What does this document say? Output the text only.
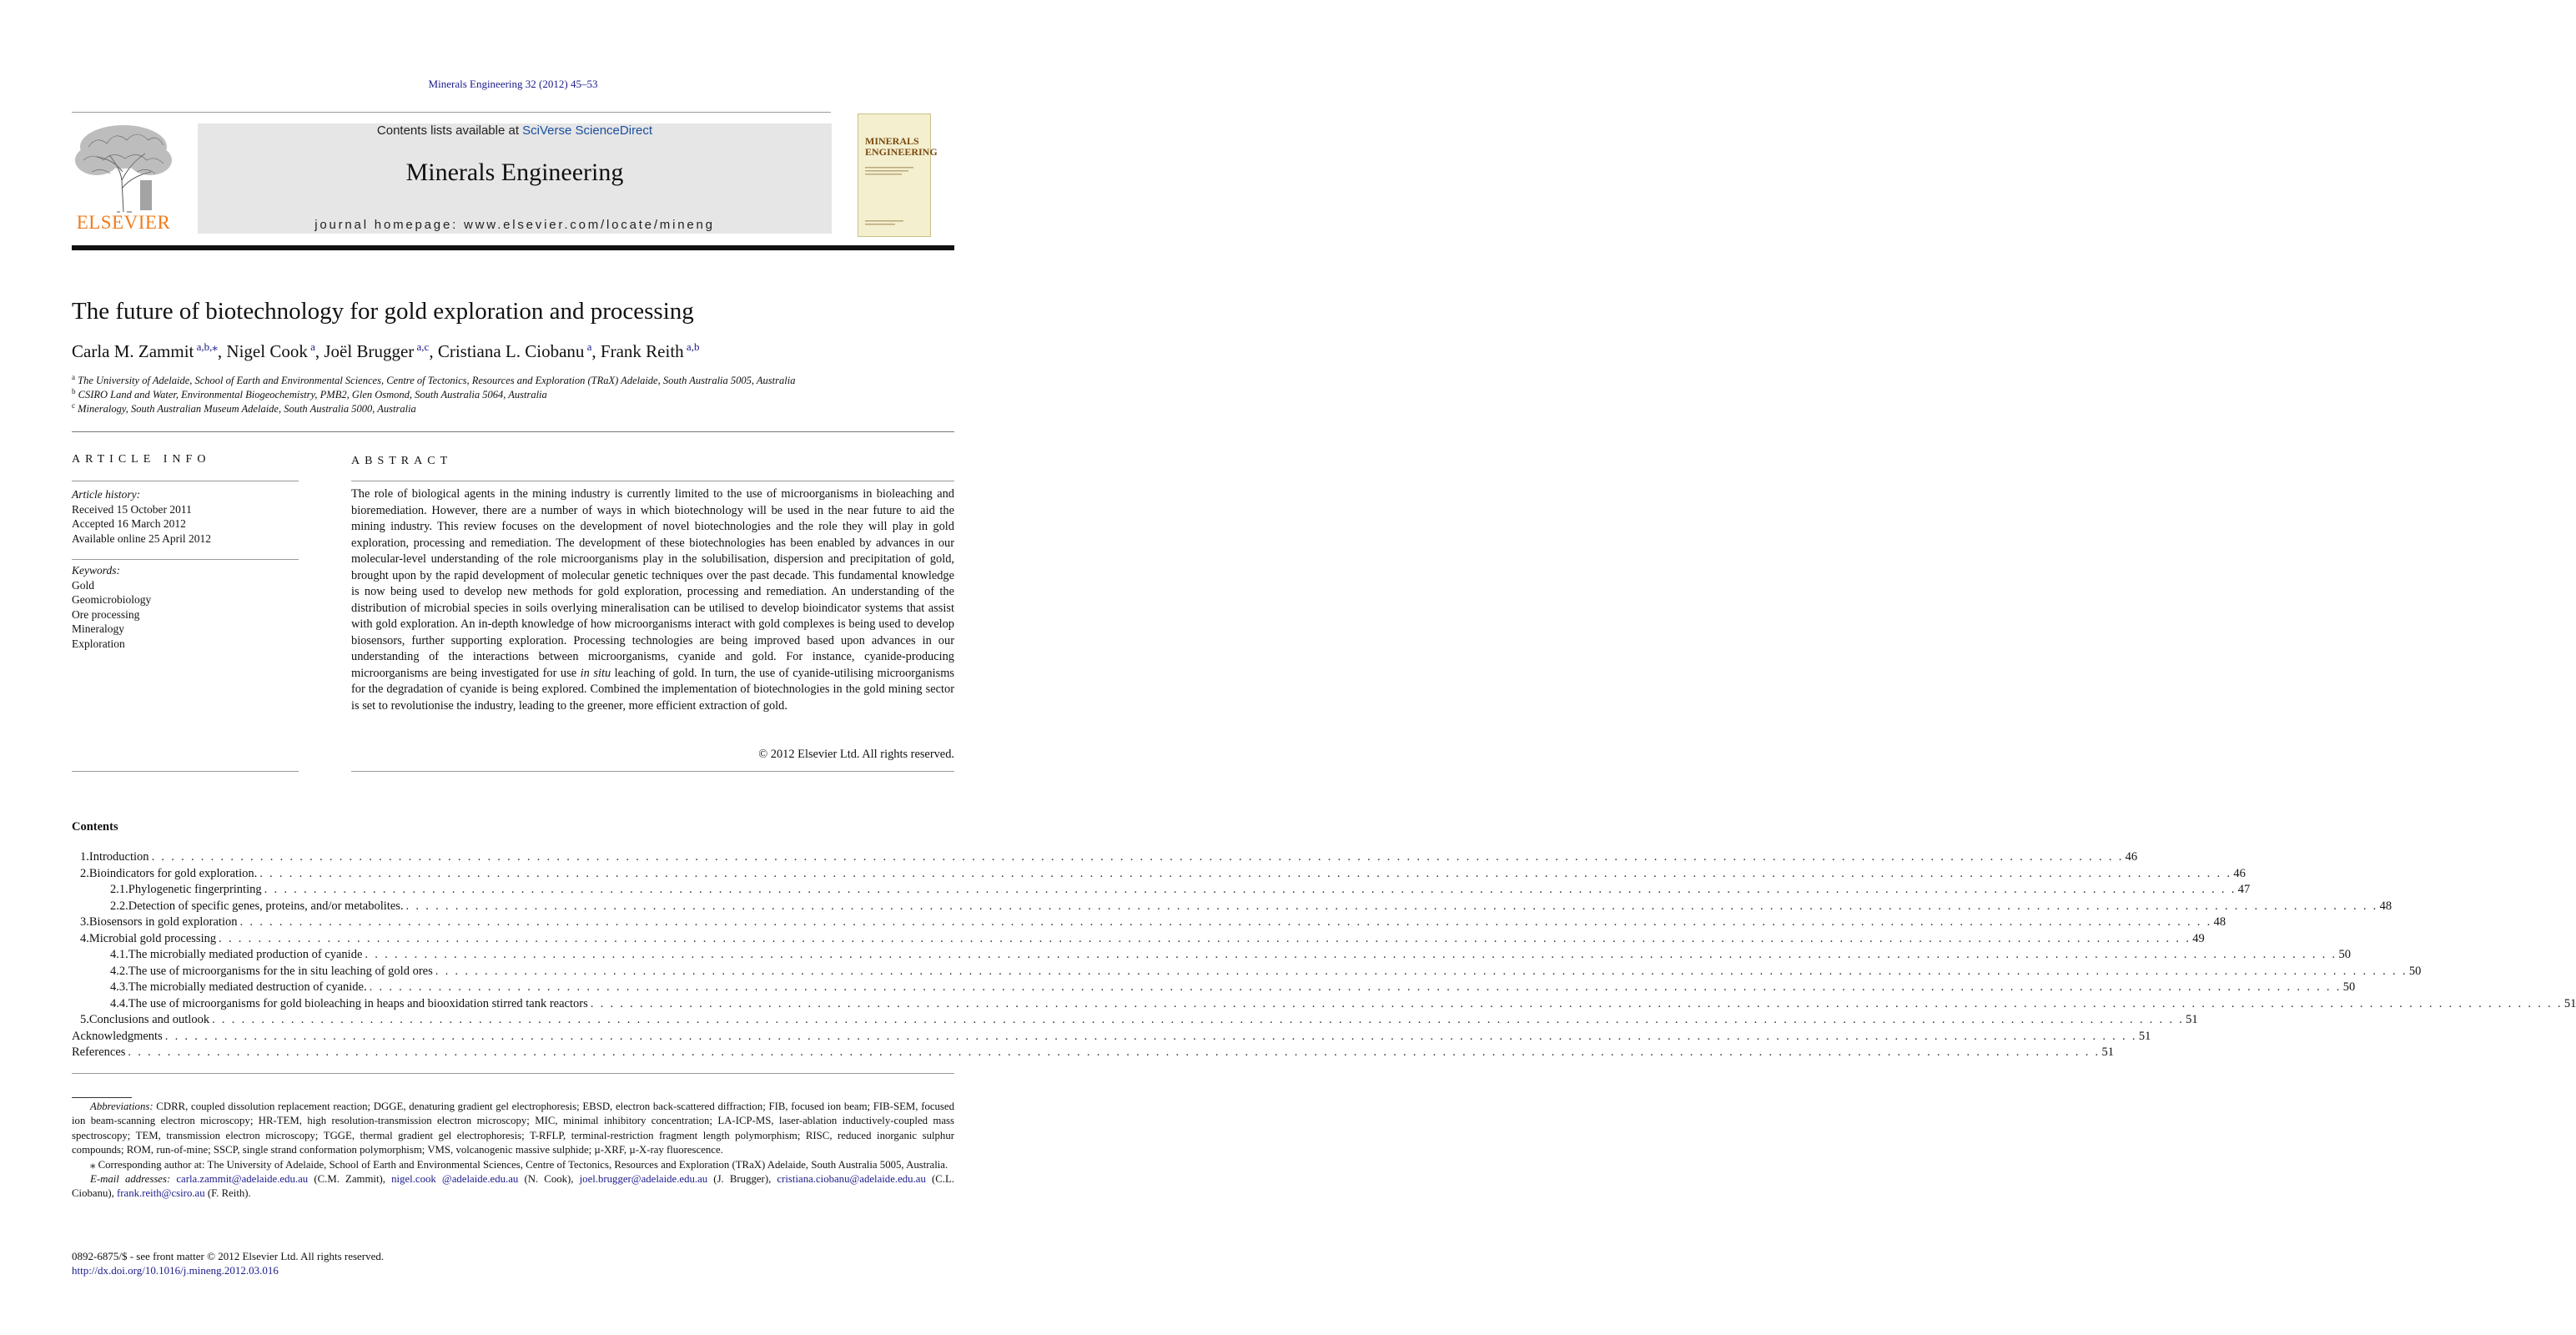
Minerals Engineering 32 (2012) 45–53
ELSEVIER
Contents lists available at SciVerse ScienceDirect
Minerals Engineering
journal homepage: www.elsevier.com/locate/mineng
MINERALS
ENGINEERING
The future of biotechnology for gold exploration and processing
Carla M. Zammit $^{a,b,⁎}$, Nigel Cook $^a$, Joël Brugger $^{a,c}$, Cristiana L. Ciobanu $^a$, Frank Reith $^{a,b}$
$^a$ The University of Adelaide, School of Earth and Environmental Sciences, Centre of Tectonics, Resources and Exploration (TRaX) Adelaide, South Australia 5005, Australia
$^b$ CSIRO Land and Water, Environmental Biogeochemistry, PMB2, Glen Osmond, South Australia 5064, Australia
$^c$ Mineralogy, South Australian Museum Adelaide, South Australia 5000, Australia
ARTICLE INFO
Article history:
Received 15 October 2011
Accepted 16 March 2012
Available online 25 April 2012
Keywords:
Gold
Geomicrobiology
Ore processing
Mineralogy
Exploration
ABSTRACT
The role of biological agents in the mining industry is currently limited to the use of microorganisms in bioleaching and bioremediation. However, there are a number of ways in which biotechnology will be used in the near future to aid the mining industry. This review focuses on the development of novel biotechnologies and the role they will play in gold exploration, processing and remediation. The development of these biotechnologies has been enabled by advances in our molecular-level understanding of the role microorganisms play in the solubilisation, dispersion and precipitation of gold, brought upon by the rapid development of molecular genetic techniques over the past decade. This fundamental knowledge is now being used to develop new methods for gold exploration, processing and remediation. An understanding of the distribution of microbial species in soils overlying mineralisation can be utilised to develop bioindicator systems that assist with gold exploration. An in-depth knowledge of how microorganisms interact with gold complexes is being used to develop biosensors, further supporting exploration. Processing technologies are being improved based upon advances in our understanding of the interactions between microorganisms, cyanide and gold. For instance, cyanide-producing microorganisms are being investigated for use in situ leaching of gold. In turn, the use of cyanide-utilising microorganisms for the degradation of cyanide is being explored. Combined the implementation of biotechnologies in the gold mining sector is set to revolutionise the industry, leading to the greener, more efficient extraction of gold.
© 2012 Elsevier Ltd. All rights reserved.
Contents
1. Introduction . . . . . . . . . . . . . . . . . . . . . . . . . . . . . . . . . . . . . . . . . . . . . . . . . . . . . . . . . . . . . . . . . . . . . . . . . . . . . . . . . . . . . . . . . . . . . . . . . . . . . . . . . . . . . . . . . . . . . . . . . . . . . . . . . . . . . . . . . . . . . . . . . . . . . . . . . . . . . . . . . . . . . . . . . . . . . . . . . . . . . . . . . . . . . . . . . . . . . . . . 46
2. Bioindicators for gold exploration. . . . . . . . . . . . . . . . . . . . . . . . . . . . . . . . . . . . . . . . . . . . . . . . . . . . . . . . . . . . . . . . . . . . . . . . . . . . . . . . . . . . . . . . . . . . . . . . . . . . . . . . . . . . . . . . . . . . . . . . . . . . . . . . . . . . . . . . . . . . . . . . . . . . . . . . . . . . . . . . . . . . . . . . . . . . . . . . . . . . . . . . . . . . . . . . . . . . . . . . . 46
2.1. Phylogenetic fingerprinting . . . . . . . . . . . . . . . . . . . . . . . . . . . . . . . . . . . . . . . . . . . . . . . . . . . . . . . . . . . . . . . . . . . . . . . . . . . . . . . . . . . . . . . . . . . . . . . . . . . . . . . . . . . . . . . . . . . . . . . . . . . . . . . . . . . . . . . . . . . . . . . . . . . . . . . . . . . . . . . . . . . . . . . . . . . . . . . . . . . . . . . . . . . . . . . . . . . . . . . . 47
2.2. Detection of specific genes, proteins, and/or metabolites. . . . . . . . . . . . . . . . . . . . . . . . . . . . . . . . . . . . . . . . . . . . . . . . . . . . . . . . . . . . . . . . . . . . . . . . . . . . . . . . . . . . . . . . . . . . . . . . . . . . . . . . . . . . . . . . . . . . . . . . . . . . . . . . . . . . . . . . . . . . . . . . . . . . . . . . . . . . . . . . . . . . . . . . . . . . . . . . . . . . . . . . . . . . . . . . . . . . . . . . . 48
3. Biosensors in gold exploration . . . . . . . . . . . . . . . . . . . . . . . . . . . . . . . . . . . . . . . . . . . . . . . . . . . . . . . . . . . . . . . . . . . . . . . . . . . . . . . . . . . . . . . . . . . . . . . . . . . . . . . . . . . . . . . . . . . . . . . . . . . . . . . . . . . . . . . . . . . . . . . . . . . . . . . . . . . . . . . . . . . . . . . . . . . . . . . . . . . . . . . . . . . . . . . . . . . . . . . . 48
4. Microbial gold processing . . . . . . . . . . . . . . . . . . . . . . . . . . . . . . . . . . . . . . . . . . . . . . . . . . . . . . . . . . . . . . . . . . . . . . . . . . . . . . . . . . . . . . . . . . . . . . . . . . . . . . . . . . . . . . . . . . . . . . . . . . . . . . . . . . . . . . . . . . . . . . . . . . . . . . . . . . . . . . . . . . . . . . . . . . . . . . . . . . . . . . . . . . . . . . . . . . . . . . . . 49
4.1. The microbially mediated production of cyanide . . . . . . . . . . . . . . . . . . . . . . . . . . . . . . . . . . . . . . . . . . . . . . . . . . . . . . . . . . . . . . . . . . . . . . . . . . . . . . . . . . . . . . . . . . . . . . . . . . . . . . . . . . . . . . . . . . . . . . . . . . . . . . . . . . . . . . . . . . . . . . . . . . . . . . . . . . . . . . . . . . . . . . . . . . . . . . . . . . . . . . . . . . . . . . . . . . . . . . . . 50
4.2. The use of microorganisms for the in situ leaching of gold ores . . . . . . . . . . . . . . . . . . . . . . . . . . . . . . . . . . . . . . . . . . . . . . . . . . . . . . . . . . . . . . . . . . . . . . . . . . . . . . . . . . . . . . . . . . . . . . . . . . . . . . . . . . . . . . . . . . . . . . . . . . . . . . . . . . . . . . . . . . . . . . . . . . . . . . . . . . . . . . . . . . . . . . . . . . . . . . . . . . . . . . . . . . . . . . . . . . . . . . . . 50
4.3. The microbially mediated destruction of cyanide. . . . . . . . . . . . . . . . . . . . . . . . . . . . . . . . . . . . . . . . . . . . . . . . . . . . . . . . . . . . . . . . . . . . . . . . . . . . . . . . . . . . . . . . . . . . . . . . . . . . . . . . . . . . . . . . . . . . . . . . . . . . . . . . . . . . . . . . . . . . . . . . . . . . . . . . . . . . . . . . . . . . . . . . . . . . . . . . . . . . . . . . . . . . . . . . . . . . . . . . . 50
4.4. The use of microorganisms for gold bioleaching in heaps and biooxidation stirred tank reactors . . . . . . . . . . . . . . . . . . . . . . . . . . . . . . . . . . . . . . . . . . . . . . . . . . . . . . . . . . . . . . . . . . . . . . . . . . . . . . . . . . . . . . . . . . . . . . . . . . . . . . . . . . . . . . . . . . . . . . . . . . . . . . . . . . . . . . . . . . . . . . . . . . . . . . . . . . . . . . . . . . . . . . . . . . . . . . . . . . . . . . . . . . . . . . . . . . . . . . . . 51
5. Conclusions and outlook . . . . . . . . . . . . . . . . . . . . . . . . . . . . . . . . . . . . . . . . . . . . . . . . . . . . . . . . . . . . . . . . . . . . . . . . . . . . . . . . . . . . . . . . . . . . . . . . . . . . . . . . . . . . . . . . . . . . . . . . . . . . . . . . . . . . . . . . . . . . . . . . . . . . . . . . . . . . . . . . . . . . . . . . . . . . . . . . . . . . . . . . . . . . . . . . . . . . . . . . 51
Acknowledgments . . . . . . . . . . . . . . . . . . . . . . . . . . . . . . . . . . . . . . . . . . . . . . . . . . . . . . . . . . . . . . . . . . . . . . . . . . . . . . . . . . . . . . . . . . . . . . . . . . . . . . . . . . . . . . . . . . . . . . . . . . . . . . . . . . . . . . . . . . . . . . . . . . . . . . . . . . . . . . . . . . . . . . . . . . . . . . . . . . . . . . . . . . . . . . . . . . . . . . . . 51
References . . . . . . . . . . . . . . . . . . . . . . . . . . . . . . . . . . . . . . . . . . . . . . . . . . . . . . . . . . . . . . . . . . . . . . . . . . . . . . . . . . . . . . . . . . . . . . . . . . . . . . . . . . . . . . . . . . . . . . . . . . . . . . . . . . . . . . . . . . . . . . . . . . . . . . . . . . . . . . . . . . . . . . . . . . . . . . . . . . . . . . . . . . . . . . . . . . . . . . . . 51

Abbreviations: CDRR, coupled dissolution replacement reaction; DGGE, denaturing gradient gel electrophoresis; EBSD, electron back-scattered diffraction; FIB, focused ion beam; FIB-SEM, focused ion beam-scanning electron microscopy; HR-TEM, high resolution-transmission electron microscopy; MIC, minimal inhibitory concentration; LA-ICP-MS, laser-ablation inductively-coupled mass spectroscopy; TEM, transmission electron microscopy; TGGE, thermal gradient gel electrophoresis; T-RFLP, terminal-restriction fragment length polymorphism; RISC, reduced inorganic sulphur compounds; ROM, run-of-mine; SSCP, single strand conformation polymorphism; VMS, volcanogenic massive sulphide; µ-XRF, µ-X-ray fluorescence.

⁎ Corresponding author at: The University of Adelaide, School of Earth and Environmental Sciences, Centre of Tectonics, Resources and Exploration (TRaX) Adelaide, South Australia 5005, Australia.

E-mail addresses: carla.zammit@adelaide.edu.au (C.M. Zammit), nigel.cook @adelaide.edu.au (N. Cook), joel.brugger@adelaide.edu.au (J. Brugger), cristiana.ciobanu@adelaide.edu.au (C.L. Ciobanu), frank.reith@csiro.au (F. Reith).

0892-6875/$ - see front matter © 2012 Elsevier Ltd. All rights reserved.
http://dx.doi.org/10.1016/j.mineng.2012.03.016
